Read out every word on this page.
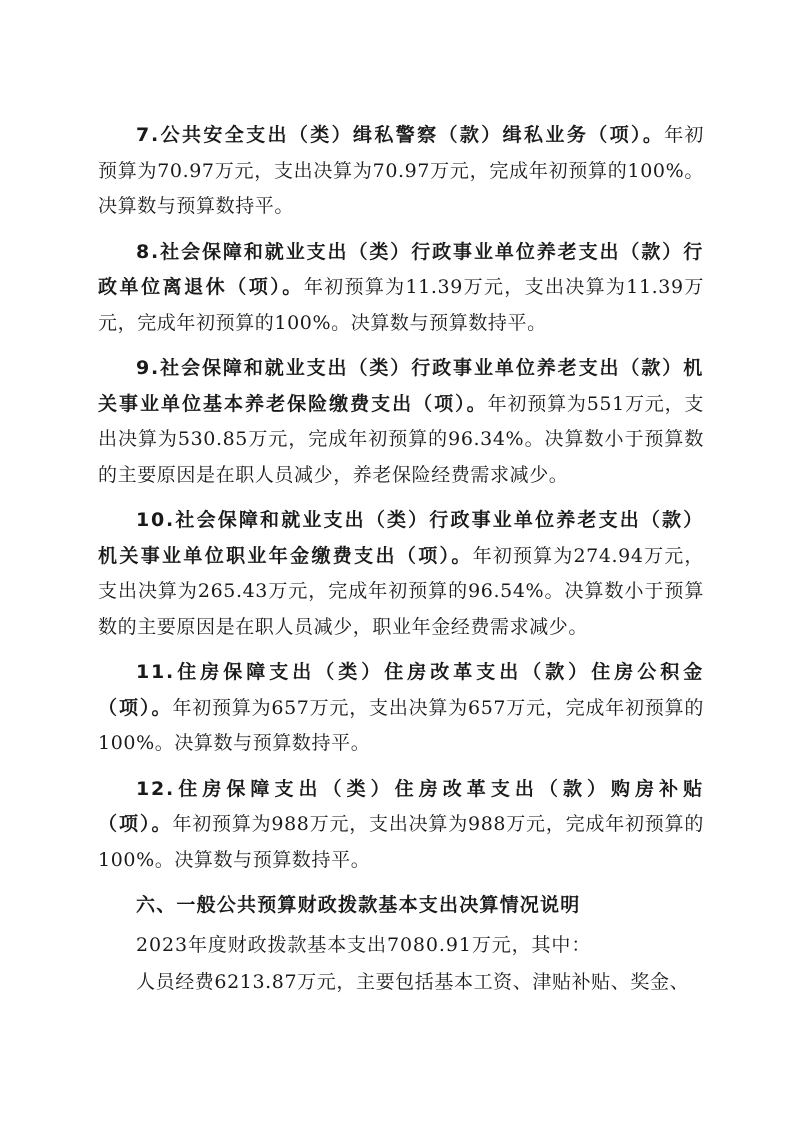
7.公共安全支出（类）缉私警察（款）缉私业务（项）。年初预算为70.97万元，支出决算为70.97万元，完成年初预算的100%。决算数与预算数持平。

8.社会保障和就业支出（类）行政事业单位养老支出（款）行政单位离退休（项）。年初预算为11.39万元，支出决算为11.39万元，完成年初预算的100%。决算数与预算数持平。

9.社会保障和就业支出（类）行政事业单位养老支出（款）机关事业单位基本养老保险缴费支出（项）。年初预算为551万元，支出决算为530.85万元，完成年初预算的96.34%。决算数小于预算数的主要原因是在职人员减少，养老保险经费需求减少。

10.社会保障和就业支出（类）行政事业单位养老支出（款）机关事业单位职业年金缴费支出（项）。年初预算为274.94万元，支出决算为265.43万元，完成年初预算的96.54%。决算数小于预算数的主要原因是在职人员减少，职业年金经费需求减少。

11.住房保障支出（类）住房改革支出（款）住房公积金（项）。年初预算为657万元，支出决算为657万元，完成年初预算的100%。决算数与预算数持平。

12.住房保障支出（类）住房改革支出（款）购房补贴（项）。年初预算为988万元，支出决算为988万元，完成年初预算的100%。决算数与预算数持平。

六、一般公共预算财政拨款基本支出决算情况说明

2023年度财政拨款基本支出7080.91万元，其中：

人员经费6213.87万元，主要包括基本工资、津贴补贴、奖金、
